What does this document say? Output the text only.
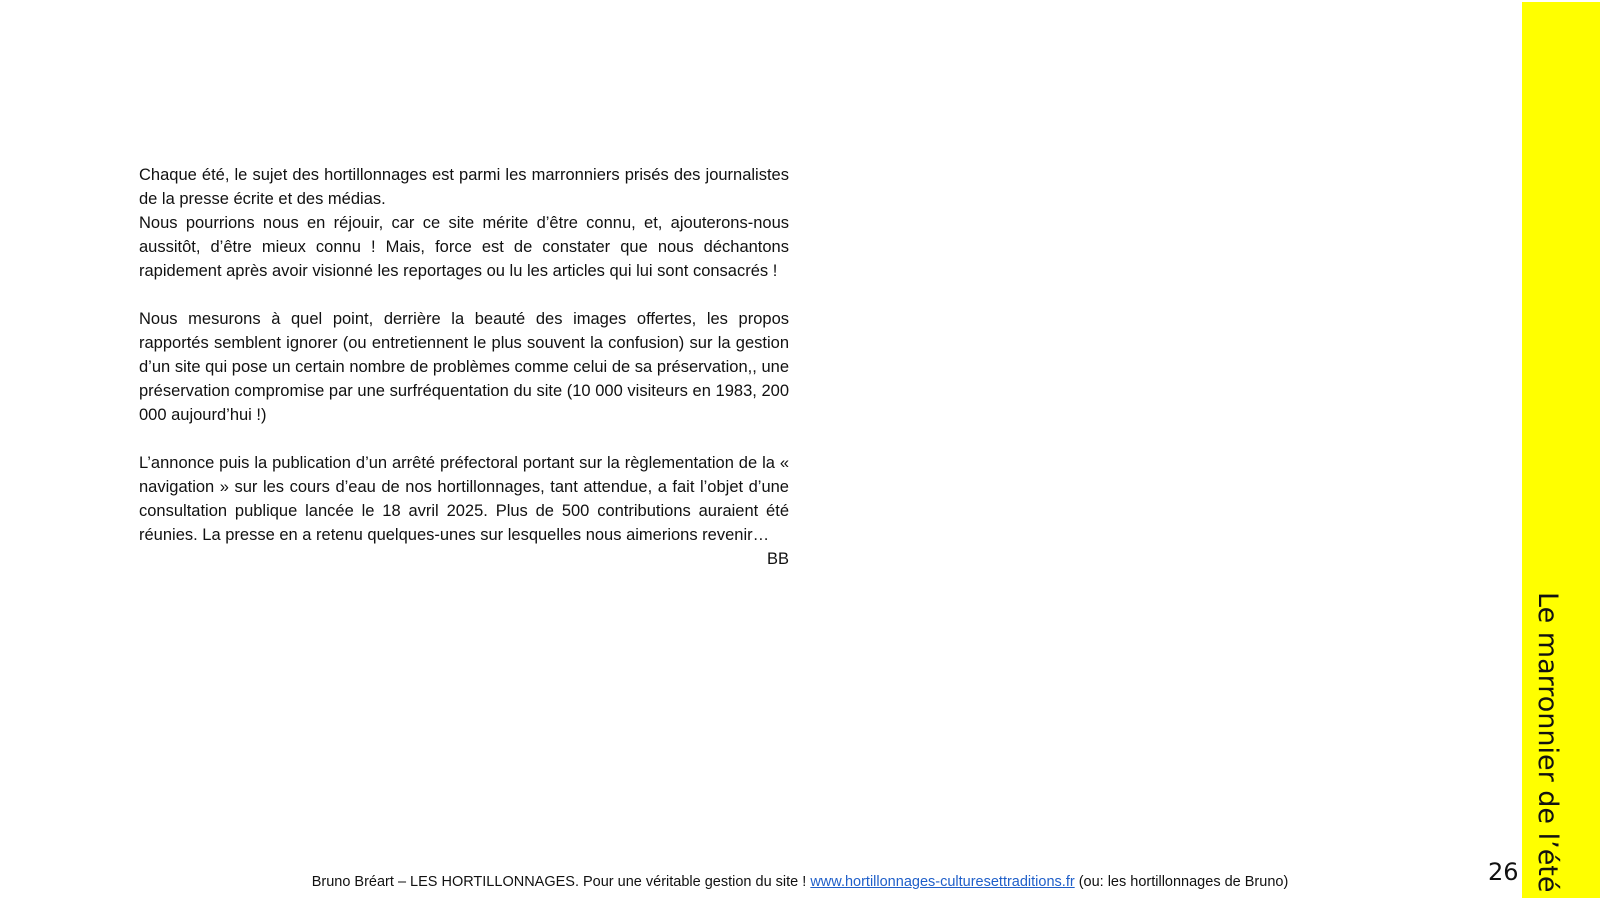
Le marronnier de l’été
26

Chaque été, le sujet des hortillonnages est parmi les marronniers prisés des journalistes de la presse écrite et des médias.

Nous pourrions nous en réjouir, car ce site mérite d’être connu, et, ajouterons-nous aussitôt, d’être mieux connu ! Mais, force est de constater que nous déchantons rapidement après avoir visionné les reportages ou lu les articles qui lui sont consacrés !

Nous mesurons à quel point, derrière la beauté des images offertes, les propos rapportés semblent ignorer (ou entretiennent le plus souvent la confusion) sur la gestion d’un site qui pose un certain nombre de problèmes comme celui de sa préservation,, une préservation compromise par une surfréquentation du site (10 000 visiteurs en 1983, 200 000 aujourd’hui !)

L’annonce puis la publication d’un arrêté préfectoral portant sur la règlementation de la « navigation » sur les cours d’eau de nos hortillonnages, tant attendue, a fait l’objet d’une consultation publique lancée le 18 avril 2025. Plus de 500 contributions auraient été réunies. La presse en a retenu quelques-unes sur lesquelles nous aimerions revenir…

BB

Bruno Bréart – LES HORTILLONNAGES. Pour une véritable gestion du site ! www.hortillonnages-culturesettraditions.fr (ou: les hortillonnages de Bruno)
